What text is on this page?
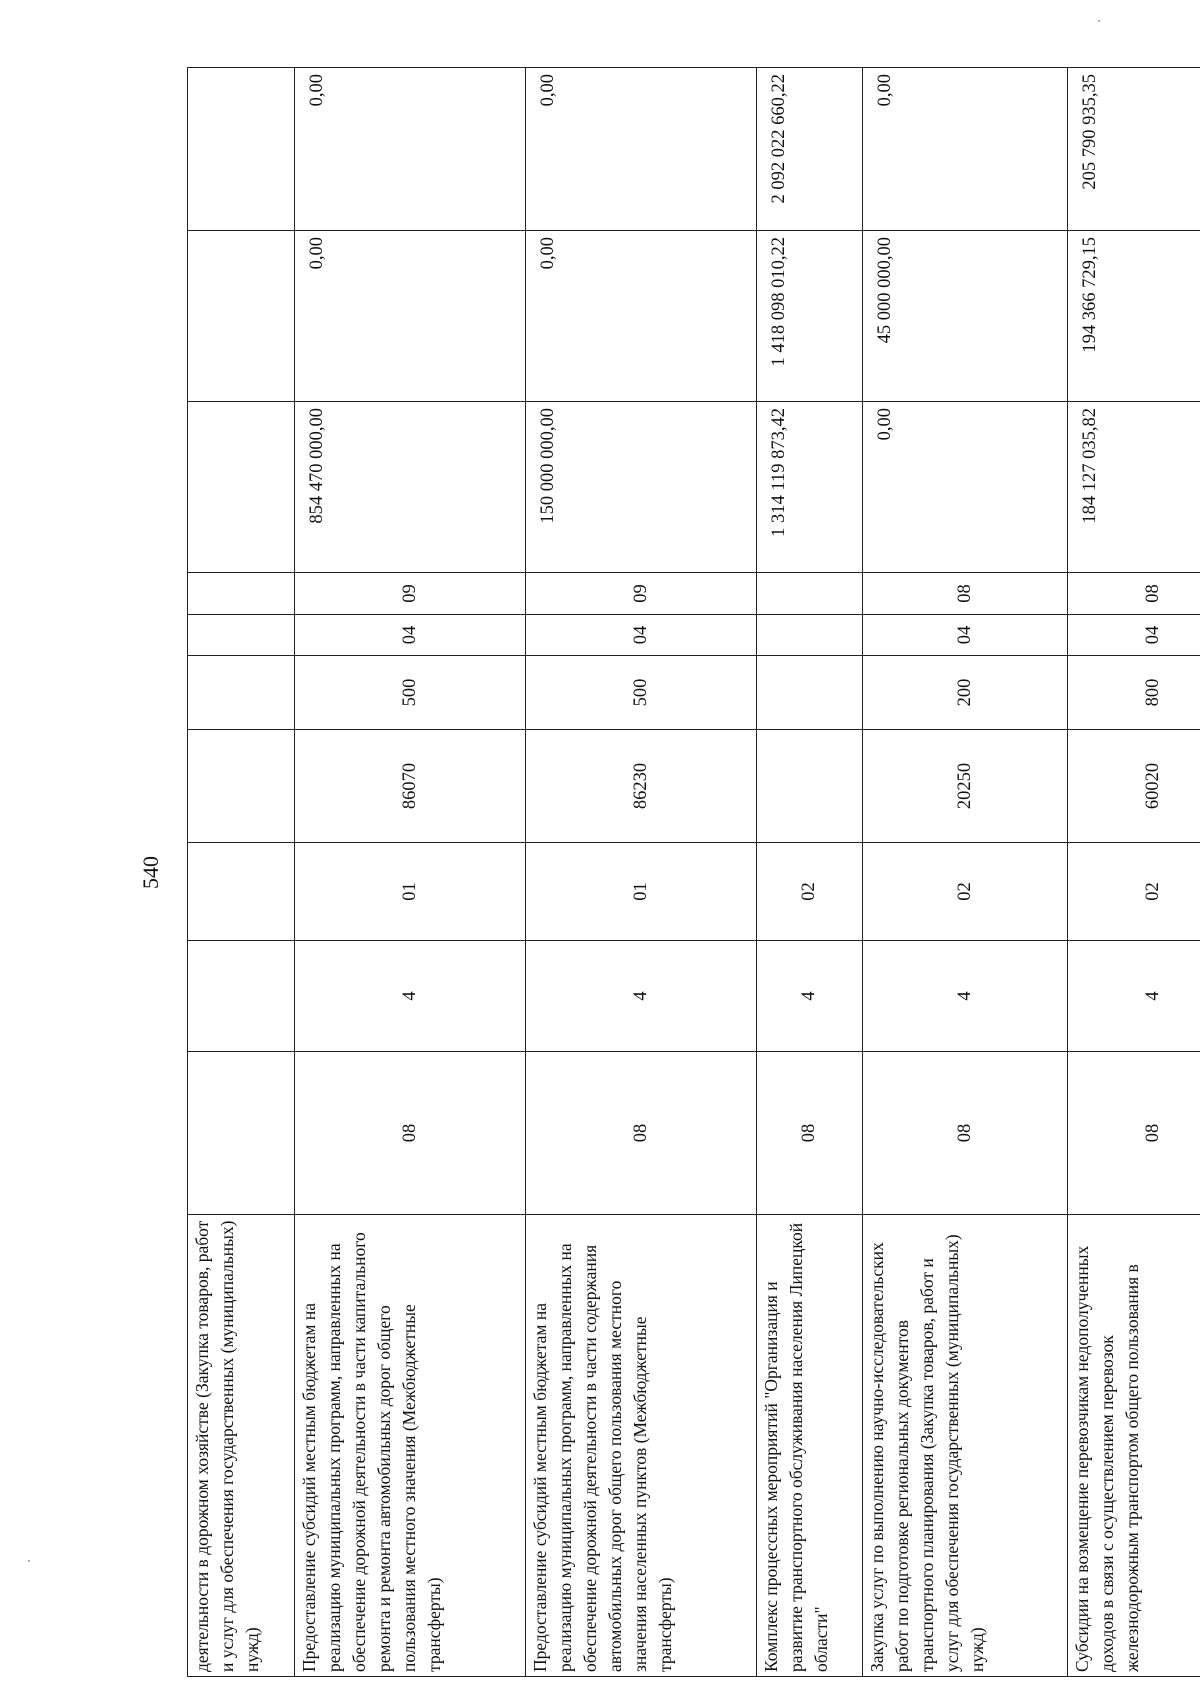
540
деятельности в дорожном хозяйстве (Закупка товаров, работ и услуг для обеспечения государственных (муниципальных) нужд)										
Предоставление субсидий местным бюджетам на реализацию муниципальных программ, направленных на обеспечение дорожной деятельности в части капитального ремонта и ремонта автомобильных дорог общего пользования местного значения (Межбюджетные трансферты)	08	4	01	86070	500	04	09	854 470 000,00	0,00	0,00
Предоставление субсидий местным бюджетам на реализацию муниципальных программ, направленных на обеспечение дорожной деятельности в части содержания автомобильных дорог общего пользования местного значения населенных пунктов (Межбюджетные трансферты)	08	4	01	86230	500	04	09	150 000 000,00	0,00	0,00
Комплекс процессных мероприятий "Организация и развитие транспортного обслуживания населения Липецкой области"	08	4	02					1 314 119 873,42	1 418 098 010,22	2 092 022 660,22
Закупка услуг по выполнению научно-исследовательских работ по подготовке региональных документов транспортного планирования (Закупка товаров, работ и услуг для обеспечения государственных (муниципальных) нужд)	08	4	02	20250	200	04	08	0,00	45 000 000,00	0,00
Субсидии на возмещение перевозчикам недополученных доходов в связи с осуществлением перевозок железнодорожным транспортом общего пользования в	08	4	02	60020	800	04	08	184 127 035,82	194 366 729,15	205 790 935,35
